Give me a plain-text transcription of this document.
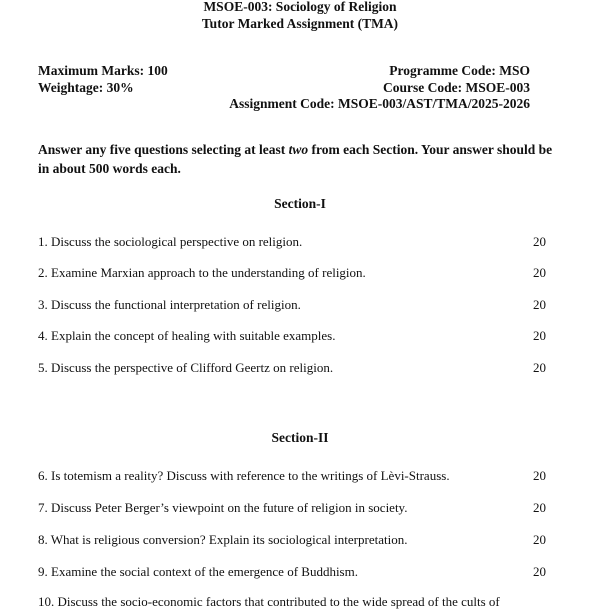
MSOE-003: Sociology of Religion
Tutor Marked Assignment (TMA)
Maximum Marks: 100
Weightage: 30%
Programme Code: MSO
Course Code: MSOE-003
Assignment Code: MSOE-003/AST/TMA/2025-2026
Answer any five questions selecting at least two from each Section. Your answer should be in about 500 words each.
Section-I
1. Discuss the sociological perspective on religion.	20
2. Examine Marxian approach to the understanding of religion.	20
3. Discuss the functional interpretation of religion.	20
4. Explain the concept of healing with suitable examples.	20
5. Discuss the perspective of Clifford Geertz on religion.	20
Section-II
6. Is totemism a reality? Discuss with reference to the writings of Lèvi-Strauss.	20
7. Discuss Peter Berger’s viewpoint on the future of religion in society.	20
8. What is religious conversion? Explain its sociological interpretation.	20
9. Examine the social context of the emergence of Buddhism.	20
10. Discuss the socio-economic factors that contributed to the wide spread of the cults of
